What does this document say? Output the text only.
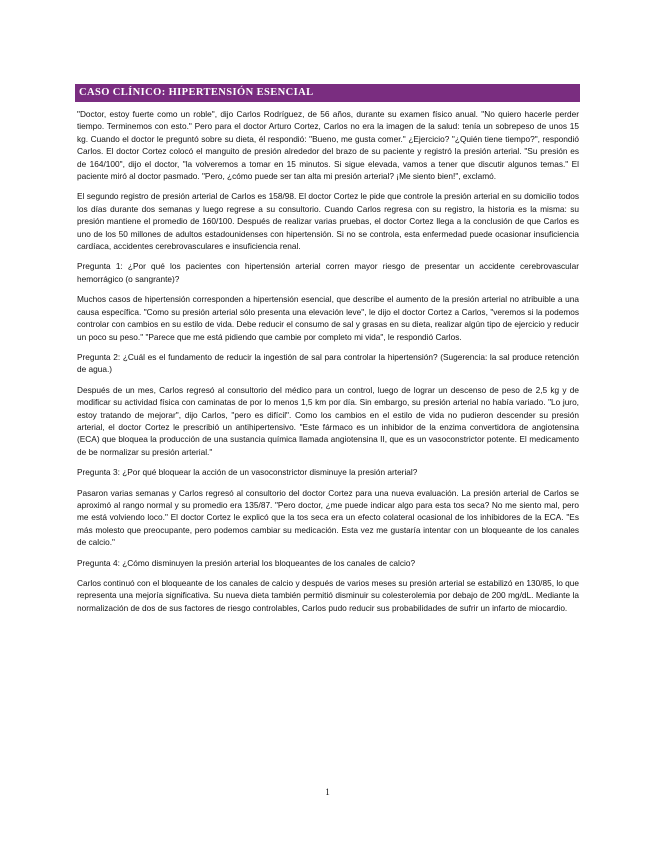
CASO CLÍNICO: HIPERTENSIÓN ESENCIAL

"Doctor, estoy fuerte como un roble", dijo Carlos Rodríguez, de 56 años, durante su examen físico anual. "No quiero hacerle perder tiempo. Terminemos con esto." Pero para el doctor Arturo Cortez, Carlos no era la imagen de la salud: tenía un sobrepeso de unos 15 kg. Cuando el doctor le preguntó sobre su dieta, él respondió: "Bueno, me gusta comer." ¿Ejercicio? "¿Quién tiene tiempo?", respondió Carlos. El doctor Cortez colocó el manguito de presión alrededor del brazo de su paciente y registró la presión arterial. "Su presión es de 164/100", dijo el doctor, "la volveremos a tomar en 15 minutos. Si sigue elevada, vamos a tener que discutir algunos temas." El paciente miró al doctor pasmado. "Pero, ¿cómo puede ser tan alta mi presión arterial? ¡Me siento bien!", exclamó.

El segundo registro de presión arterial de Carlos es 158/98. El doctor Cortez le pide que controle la presión arterial en su domicilio todos los días durante dos semanas y luego regrese a su consultorio. Cuando Carlos regresa con su registro, la historia es la misma: su presión mantiene el promedio de 160/100. Después de realizar varias pruebas, el doctor Cortez llega a la conclusión de que Carlos es uno de los 50 millones de adultos estadounidenses con hipertensión. Si no se controla, esta enfermedad puede ocasionar insuficiencia cardíaca, accidentes cerebrovasculares e insuficiencia renal.

Pregunta 1: ¿Por qué los pacientes con hipertensión arterial corren mayor riesgo de presentar un accidente cerebrovascular hemorrágico (o sangrante)?

Muchos casos de hipertensión corresponden a hipertensión esencial, que describe el aumento de la presión arterial no atribuible a una causa específica. "Como su presión arterial sólo presenta una elevación leve", le dijo el doctor Cortez a Carlos, "veremos si la podemos controlar con cambios en su estilo de vida. Debe reducir el consumo de sal y grasas en su dieta, realizar algún tipo de ejercicio y reducir un poco su peso." "Parece que me está pidiendo que cambie por completo mi vida", le respondió Carlos.

Pregunta 2: ¿Cuál es el fundamento de reducir la ingestión de sal para controlar la hipertensión? (Sugerencia: la sal produce retención de agua.)

Después de un mes, Carlos regresó al consultorio del médico para un control, luego de lograr un descenso de peso de 2,5 kg y de modificar su actividad física con caminatas de por lo menos 1,5 km por día. Sin embargo, su presión arterial no había variado. "Lo juro, estoy tratando de mejorar", dijo Carlos, "pero es difícil". Como los cambios en el estilo de vida no pudieron descender su presión arterial, el doctor Cortez le prescribió un antihipertensivo. "Este fármaco es un inhibidor de la enzima convertidora de angiotensina (ECA) que bloquea la producción de una sustancia química llamada angiotensina II, que es un vasoconstrictor potente. El medicamento de be normalizar su presión arterial."

Pregunta 3: ¿Por qué bloquear la acción de un vasoconstrictor disminuye la presión arterial?

Pasaron varias semanas y Carlos regresó al consultorio del doctor Cortez para una nueva evaluación. La presión arterial de Carlos se aproximó al rango normal y su promedio era 135/87. "Pero doctor, ¿me puede indicar algo para esta tos seca? No me siento mal, pero me está volviendo loco." El doctor Cortez le explicó que la tos seca era un efecto colateral ocasional de los inhibidores de la ECA. "Es más molesto que preocupante, pero podemos cambiar su medicación. Esta vez me gustaría intentar con un bloqueante de los canales de calcio."

Pregunta 4: ¿Cómo disminuyen la presión arterial los bloqueantes de los canales de calcio?

Carlos continuó con el bloqueante de los canales de calcio y después de varios meses su presión arterial se estabilizó en 130/85, lo que representa una mejoría significativa. Su nueva dieta también permitió disminuir su colesterolemia por debajo de 200 mg/dL. Mediante la normalización de dos de sus factores de riesgo controlables, Carlos pudo reducir sus probabilidades de sufrir un infarto de miocardio.

1
